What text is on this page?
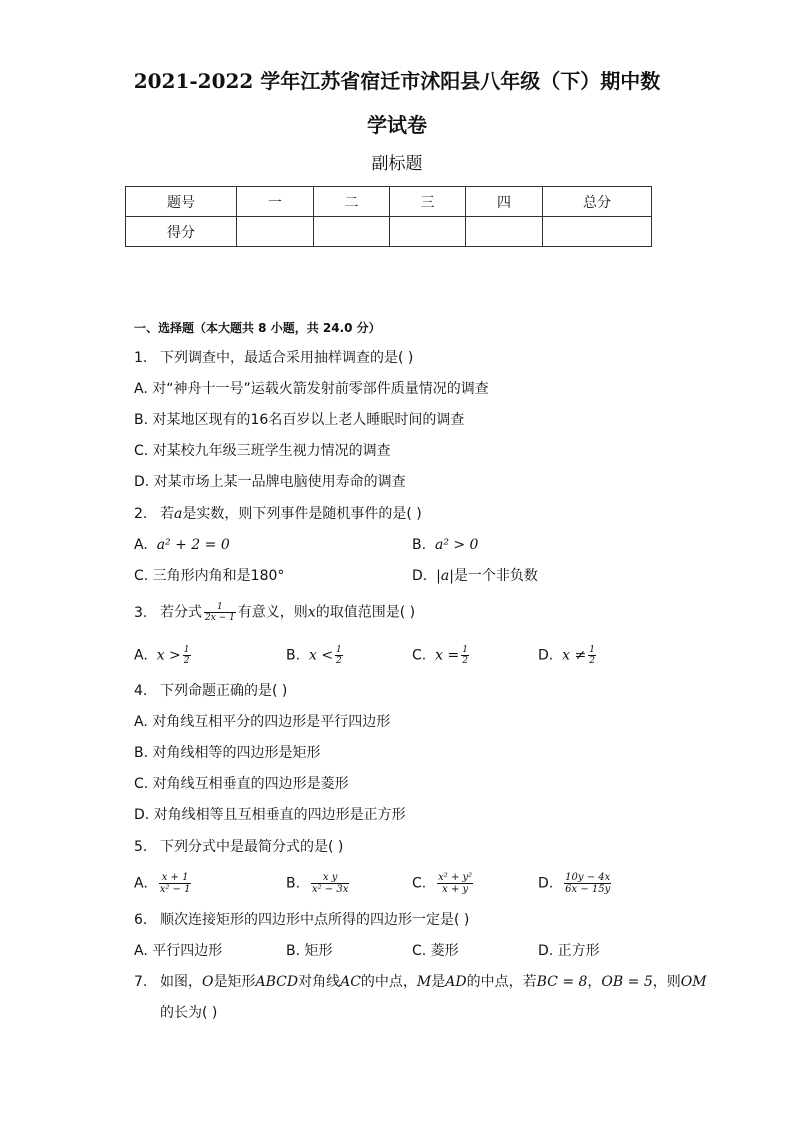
2021-2022 学年江苏省宿迁市沭阳县八年级（下）期中数
学试卷
副标题
题号	一	二	三	四	总分
得分					
一、选择题（本大题共 8 小题，共 24.0 分）
1. 下列调查中，最适合采用抽样调查的是( )
A. 对“神舟十一号”运载火箭发射前零部件质量情况的调查
B. 对某地区现有的16名百岁以上老人睡眠时间的调查
C. 对某校九年级三班学生视力情况的调查
D. 对某市场上某一品牌电脑使用寿命的调查
2. 若a是实数，则下列事件是随机事件的是( )
A. a² + 2 = 0	B. a² > 0
C. 三角形内角和是180°	D. |a|是一个非负数
3. 若分式 $\frac{1}{2x - 1}$ 有意义，则x的取值范围是( )
A. $x > \frac{1}{2}$	B. $x < \frac{1}{2}$	C. $x = \frac{1}{2}$	D. $x \ne \frac{1}{2}$
4. 下列命题正确的是( )
A. 对角线互相平分的四边形是平行四边形
B. 对角线相等的四边形是矩形
C. 对角线互相垂直的四边形是菱形
D. 对角线相等且互相垂直的四边形是正方形
5. 下列分式中是最简分式的是( )
A. $\frac{x + 1}{\text{x² − 1}}$	B. $\frac{\text{x y}}{\text{x² − 3x}}$	C. $\frac{\text{x² + y²}}{x + y}$	D. $\frac{10y - 4x}{6x - 15y}$
6. 顺次连接矩形的四边形中点所得的四边形一定是( )
A. 平行四边形	B. 矩形	C. 菱形	D. 正方形
7. 如图，O是矩形ABCD对角线AC的中点，M是AD的中点，若BC = 8，OB = 5，则OM
的长为( )
